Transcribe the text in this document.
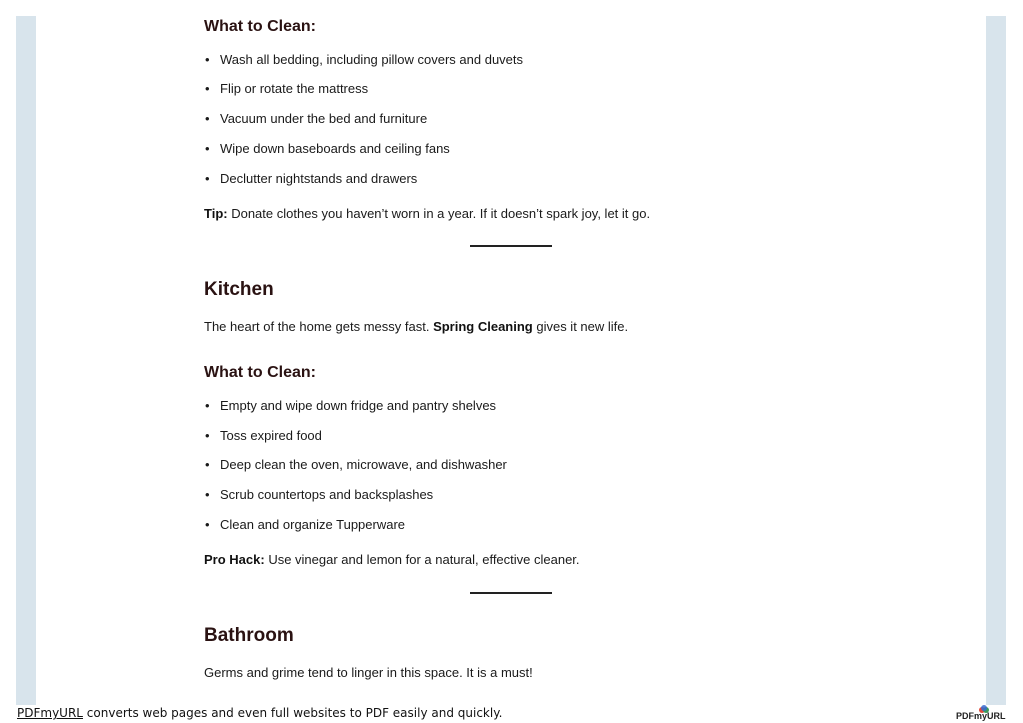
What to Clean:
• Wash all bedding, including pillow covers and duvets
• Flip or rotate the mattress
• Vacuum under the bed and furniture
• Wipe down baseboards and ceiling fans
• Declutter nightstands and drawers

Tip: Donate clothes you haven’t worn in a year. If it doesn’t spark joy, let it go.

Kitchen

The heart of the home gets messy fast. Spring Cleaning gives it new life.

What to Clean:
• Empty and wipe down fridge and pantry shelves
• Toss expired food
• Deep clean the oven, microwave, and dishwasher
• Scrub countertops and backsplashes
• Clean and organize Tupperware

Pro Hack: Use vinegar and lemon for a natural, effective cleaner.

Bathroom

Germs and grime tend to linger in this space. It is a must!

PDFmyURL converts web pages and even full websites to PDF easily and quickly.	PDFmyURL
